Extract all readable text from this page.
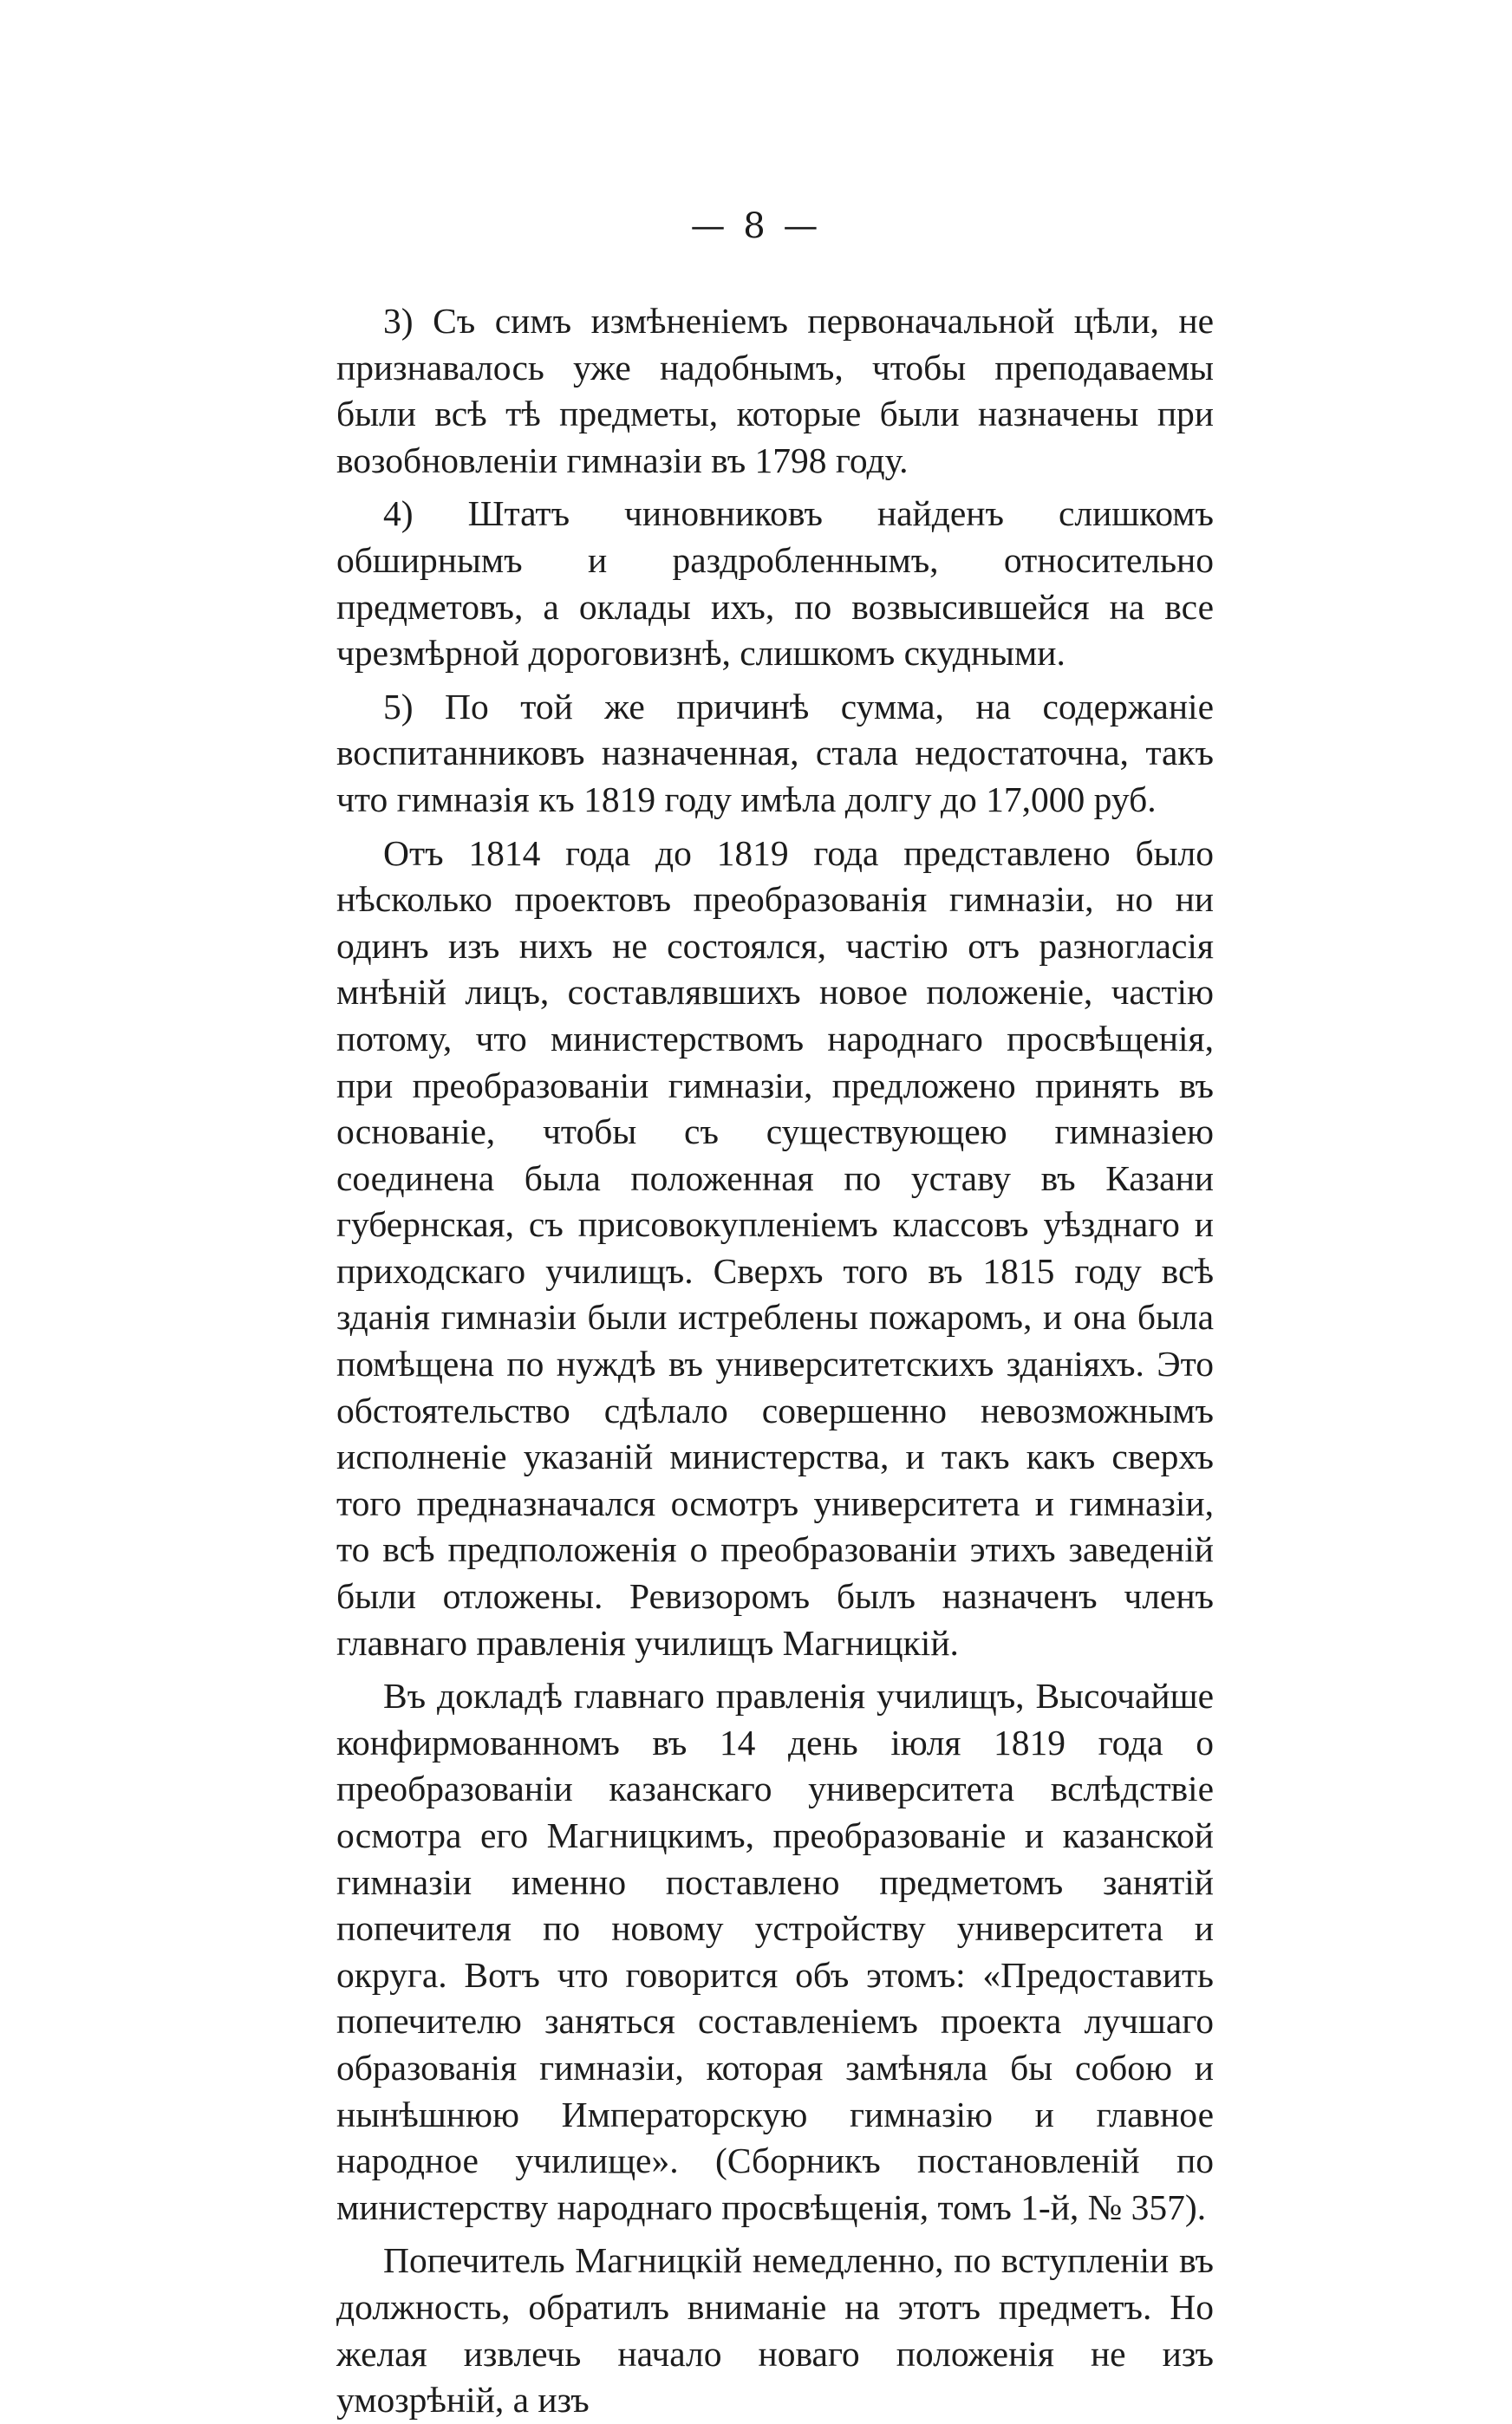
— 8 —

3) Съ симъ измѣненіемъ первоначальной цѣли, не признавалось уже надобнымъ, чтобы преподаваемы были всѣ тѣ предметы, которые были назначены при возобновленіи гимназіи въ 1798 году.

4) Штатъ чиновниковъ найденъ слишкомъ обширнымъ и раздробленнымъ, относительно предметовъ, а оклады ихъ, по возвысившейся на все чрезмѣрной дороговизнѣ, слишкомъ скудными.

5) По той же причинѣ сумма, на содержаніе воспитанниковъ назначенная, стала недостаточна, такъ что гимназія къ 1819 году имѣла долгу до 17,000 руб.

Отъ 1814 года до 1819 года представлено было нѣсколько проектовъ преобразованія гимназіи, но ни одинъ изъ нихъ не состоялся, частію отъ разногласія мнѣній лицъ, составлявшихъ новое положеніе, частію потому, что министерствомъ народнаго просвѣщенія, при преобразованіи гимназіи, предложено принять въ основаніе, чтобы съ существующею гимназіею соединена была положенная по уставу въ Казани губернская, съ присовокупленіемъ классовъ уѣзднаго и приходскаго училищъ. Сверхъ того въ 1815 году всѣ зданія гимназіи были истреблены пожаромъ, и она была помѣщена по нуждѣ въ университетскихъ зданіяхъ. Это обстоятельство сдѣлало совершенно невозможнымъ исполненіе указаній министерства, и такъ какъ сверхъ того предназначался осмотръ университета и гимназіи, то всѣ предположенія о преобразованіи этихъ заведеній были отложены. Ревизоромъ былъ назначенъ членъ главнаго правленія училищъ Магницкій.

Въ докладѣ главнаго правленія училищъ, Высочайше конфирмованномъ въ 14 день іюля 1819 года о преобразованіи казанскаго университета вслѣдствіе осмотра его Магницкимъ, преобразованіе и казанской гимназіи именно поставлено предметомъ занятій попечителя по новому устройству университета и округа. Вотъ что говорится объ этомъ: «Предоставить попечителю заняться составленіемъ проекта лучшаго образованія гимназіи, которая замѣняла бы собою и нынѣшнюю Императорскую гимназію и главное народное училище». (Сборникъ постановленій по министерству народнаго просвѣщенія, томъ 1-й, № 357).

Попечитель Магницкій немедленно, по вступленіи въ должность, обратилъ вниманіе на этотъ предметъ. Но желая извлечь начало новаго положенія не изъ умозрѣній, а изъ
